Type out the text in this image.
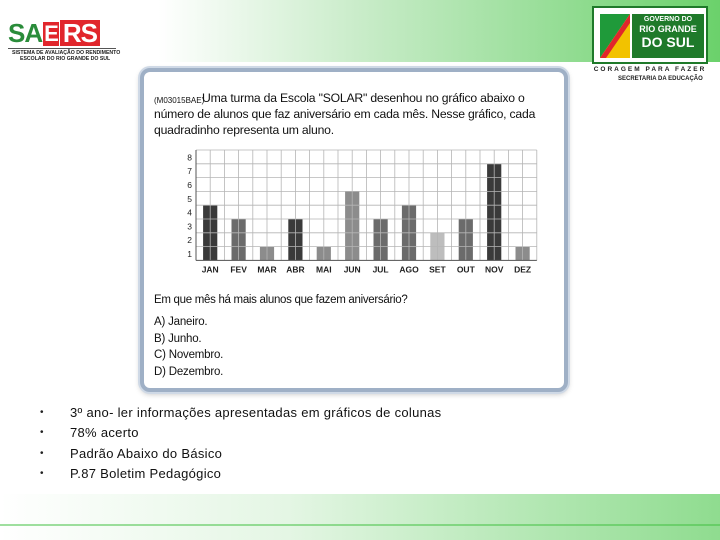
SA E RS
SISTEMA DE AVALIAÇÃO DO RENDIMENTO
ESCOLAR DO RIO GRANDE DO SUL
GOVERNO DO
RIO GRANDE
DO SUL
CORAGEM PARA FAZER
SECRETARIA DA EDUCAÇÃO
(M03015BAE)
Uma turma da Escola "SOLAR" desenhou no gráfico abaixo o número de alunos que faz aniversário em cada mês. Nesse gráfico, cada quadradinho representa um aluno.
1
2
3
4
5
6
7
8
JAN FEV MAR ABR MAI JUN JUL AGO SET OUT NOV DEZ
Em que mês há mais alunos que fazem aniversário?
A) Janeiro.
B) Junho.
C) Novembro.
D) Dezembro.
•	3º ano- ler informações apresentadas em gráficos de colunas
•	78% acerto
•	Padrão Abaixo do Básico
•	P.87 Boletim Pedagógico
